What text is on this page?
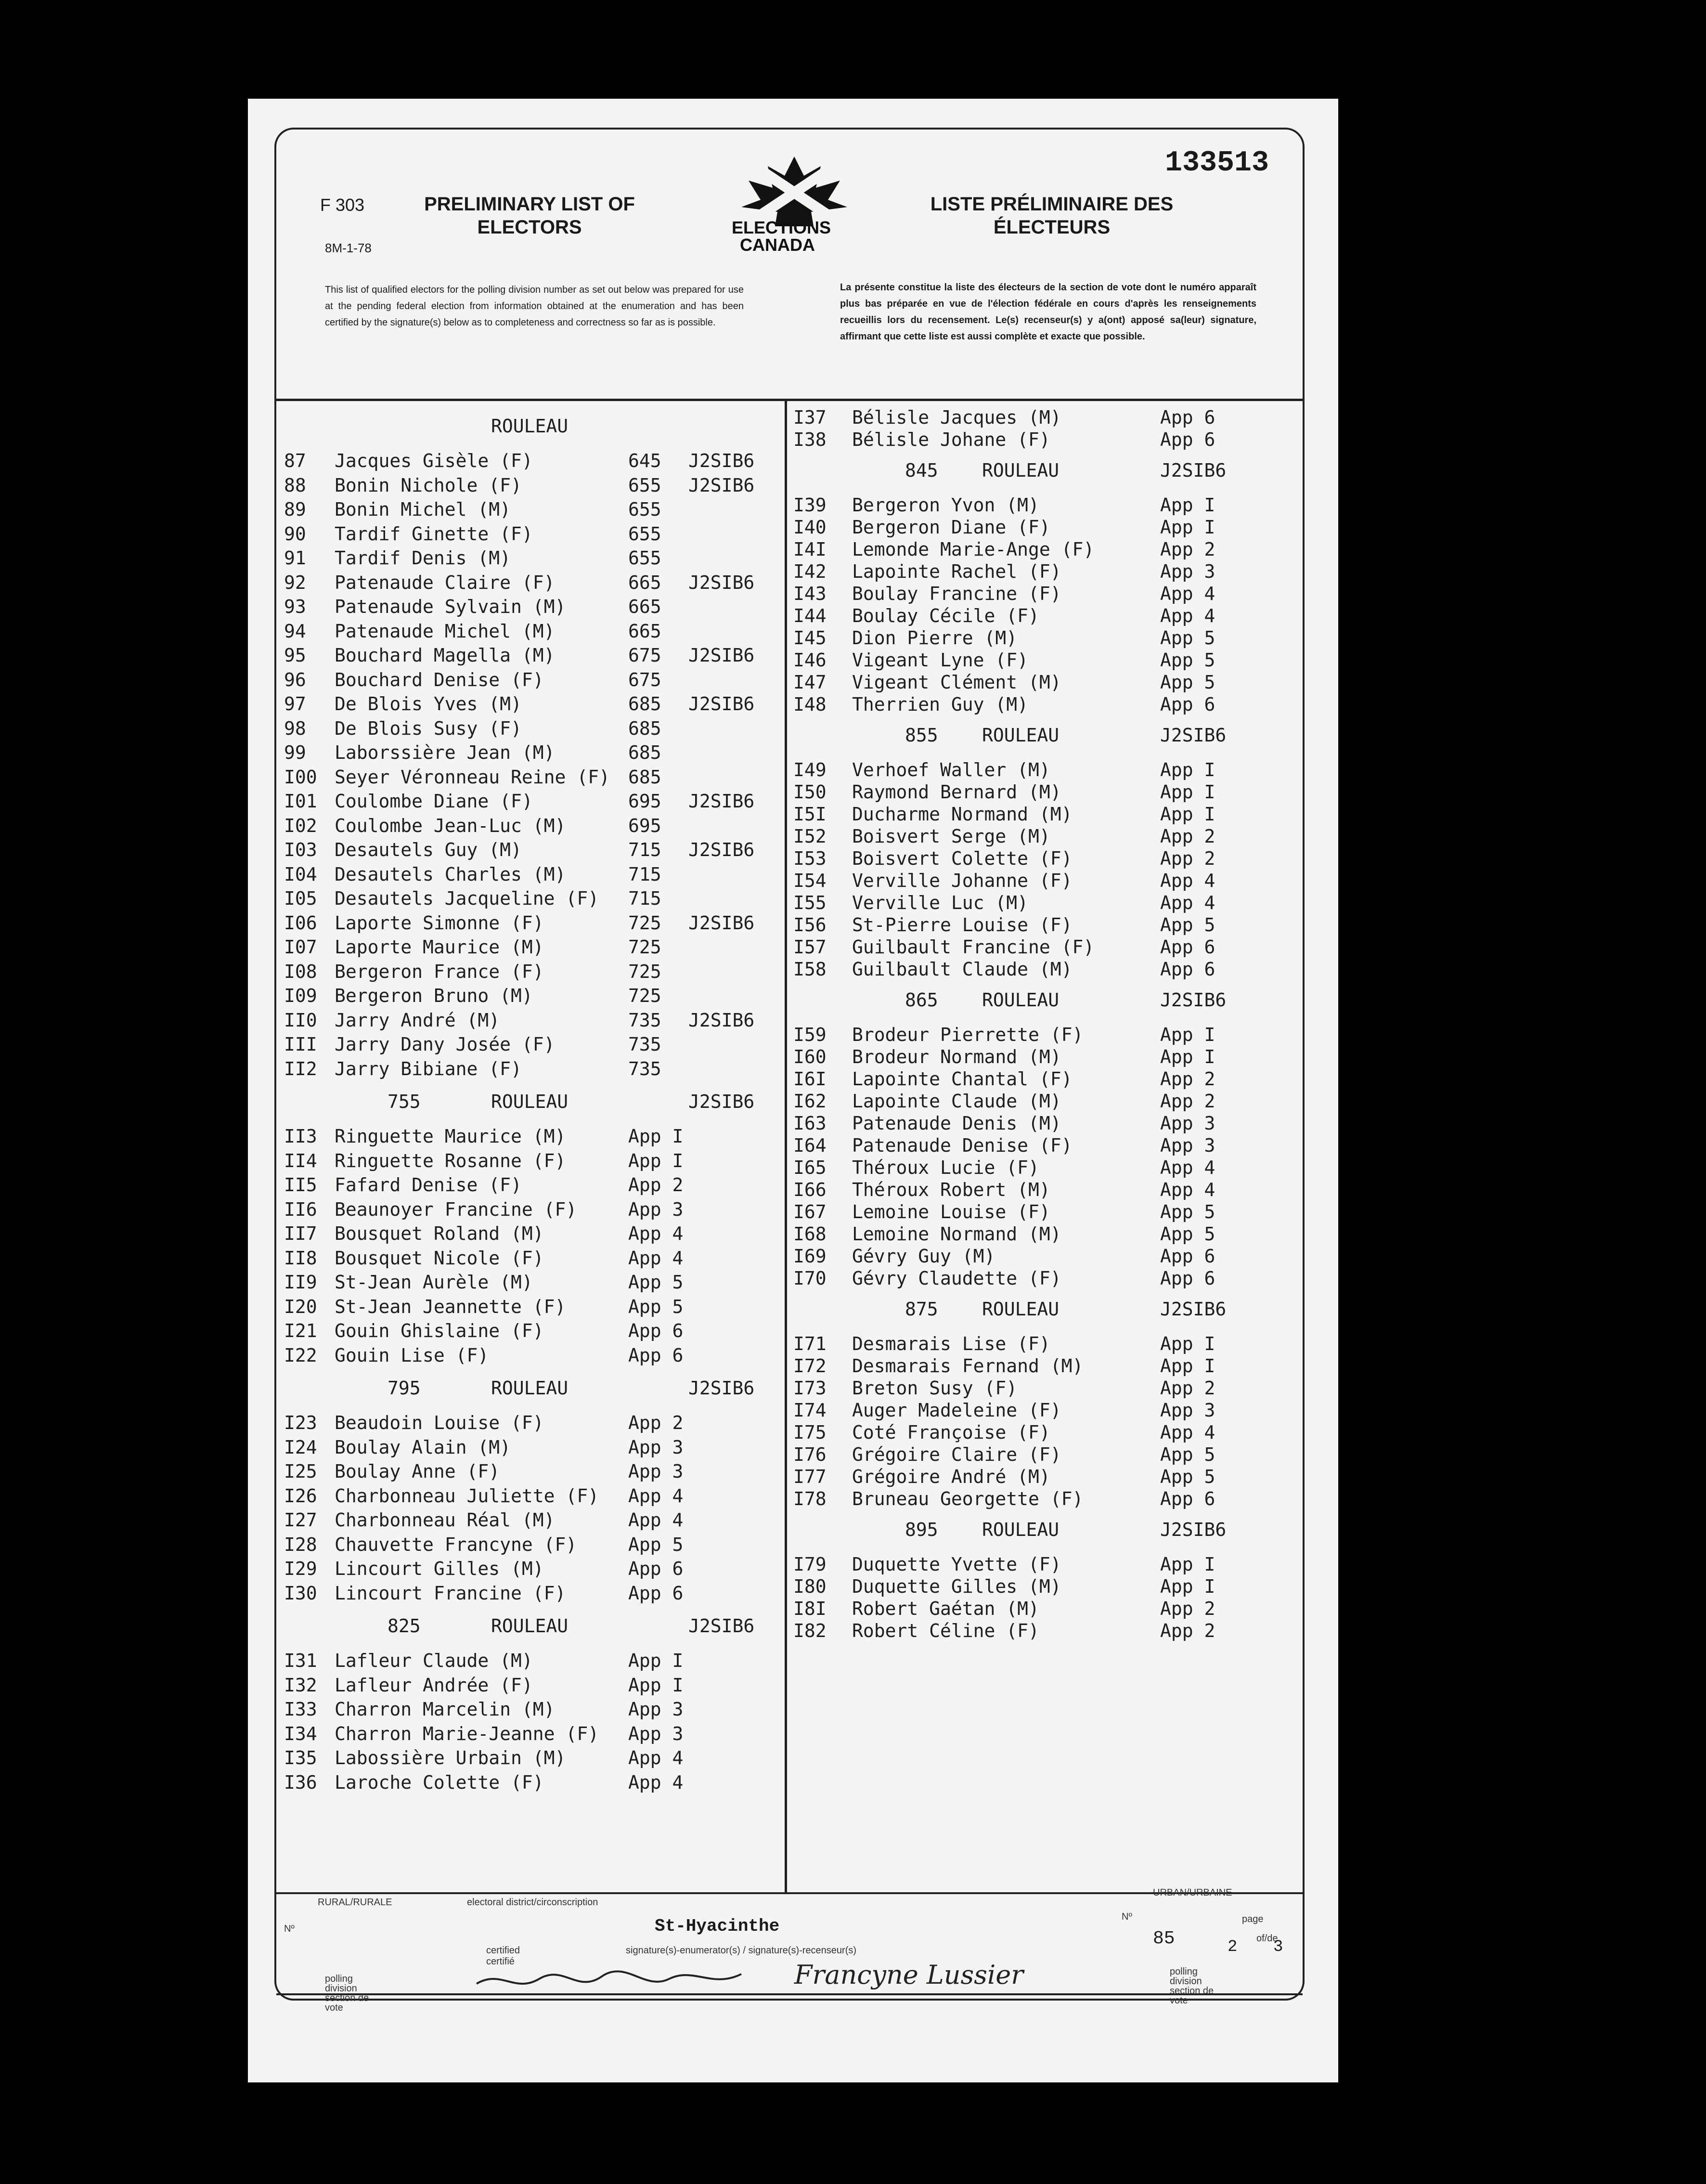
F 303
8M-1-78
PRELIMINARY LIST OF ELECTORS	ELECTIONS CANADA
LISTE PRÉLIMINAIRE DES ÉLECTEURS
133513
This list of qualified electors for the polling division number as set out below was prepared for use at the pending federal election from information obtained at the enumeration and has been certified by the signature(s) below as to completeness and correctness so far as is possible.
La présente constitue la liste des électeurs de la section de vote dont le numéro apparaît plus bas préparée en vue de l'élection fédérale en cours d'après les renseignements recueillis lors du recensement. Le(s) recenseur(s) y a(ont) apposé sa(leur) signature, affirmant que cette liste est aussi complète et exacte que possible.
ROULEAU
87 Jacques Gisèle (F)	645 J2SIB6
88 Bonin Nichole (F)	655 J2SIB6
89 Bonin Michel (M)	655
90 Tardif Ginette (F)	655
91 Tardif Denis (M)	655
92 Patenaude Claire (F)	665 J2SIB6
93 Patenaude Sylvain (M)	665
94 Patenaude Michel (M)	665
95 Bouchard Magella (M)	675 J2SIB6
96 Bouchard Denise (F)	675
97 De Blois Yves (M)	685 J2SIB6
98 De Blois Susy (F)	685
99 Laborssière Jean (M)	685
I00 Seyer Véronneau Reine (F) 685
I01 Coulombe Diane (F)	695 J2SIB6
I02 Coulombe Jean-Luc (M)	695
I03 Desautels Guy (M)	715 J2SIB6
I04 Desautels Charles (M)	715
I05 Desautels Jacqueline (F) 715
I06 Laporte Simonne (F)	725 J2SIB6
I07 Laporte Maurice (M)	725
I08 Bergeron France (F)	725
I09 Bergeron Bruno (M)	725
II0 Jarry André (M)	735 J2SIB6
III Jarry Dany Josée (F)	735
II2 Jarry Bibiane (F)	735
755	ROULEAU	J2SIB6
II3 Ringuette Maurice (M)	App I
II4 Ringuette Rosanne (F)	App I
II5 Fafard Denise (F)	App 2
II6 Beaunoyer Francine (F)	App 3
II7 Bousquet Roland (M)	App 4
II8 Bousquet Nicole (F)	App 4
II9 St-Jean Aurèle (M)	App 5
I20 St-Jean Jeannette (F)	App 5
I21 Gouin Ghislaine (F)	App 6
I22 Gouin Lise (F)	App 6
795	ROULEAU	J2SIB6
I23 Beaudoin Louise (F)	App 2
I24 Boulay Alain (M)	App 3
I25 Boulay Anne (F)	App 3
I26 Charbonneau Juliette (F) App 4
I27 Charbonneau Réal (M)	App 4
I28 Chauvette Francyne (F)	App 5
I29 Lincourt Gilles (M)	App 6
I30 Lincourt Francine (F)	App 6
825	ROULEAU	J2SIB6
I31 Lafleur Claude (M)	App I
I32 Lafleur Andrée (F)	App I
I33 Charron Marcelin (M)	App 3
I34 Charron Marie-Jeanne (F) App 3
I35 Labossière Urbain (M)	App 4
I36 Laroche Colette (F)	App 4
I37 Bélisle Jacques (M)	App 6
I38 Bélisle Johane (F)	App 6
845 ROULEAU	J2SIB6
I39 Bergeron Yvon (M)	App I
I40 Bergeron Diane (F)	App I
I4I Lemonde Marie-Ange (F)	App 2
I42 Lapointe Rachel (F)	App 3
I43 Boulay Francine (F)	App 4
I44 Boulay Cécile (F)	App 4
I45 Dion Pierre (M)	App 5
I46 Vigeant Lyne (F)	App 5
I47 Vigeant Clément (M)	App 5
I48 Therrien Guy (M)	App 6
855 ROULEAU	J2SIB6
I49 Verhoef Waller (M)	App I
I50 Raymond Bernard (M)	App I
I5I Ducharme Normand (M)	App I
I52 Boisvert Serge (M)	App 2
I53 Boisvert Colette (F)	App 2
I54 Verville Johanne (F)	App 4
I55 Verville Luc (M)	App 4
I56 St-Pierre Louise (F)	App 5
I57 Guilbault Francine (F)	App 6
I58 Guilbault Claude (M)	App 6
865 ROULEAU	J2SIB6
I59 Brodeur Pierrette (F)	App I
I60 Brodeur Normand (M)	App I
I6I Lapointe Chantal (F)	App 2
I62 Lapointe Claude (M)	App 2
I63 Patenaude Denis (M)	App 3
I64 Patenaude Denise (F)	App 3
I65 Théroux Lucie (F)	App 4
I66 Théroux Robert (M)	App 4
I67 Lemoine Louise (F)	App 5
I68 Lemoine Normand (M)	App 5
I69 Gévry Guy (M)	App 6
I70 Gévry Claudette (F)	App 6
875 ROULEAU	J2SIB6
I71 Desmarais Lise (F)	App I
I72 Desmarais Fernand (M)	App I
I73 Breton Susy (F)	App 2
I74 Auger Madeleine (F)	App 3
I75 Coté Françoise (F)	App 4
I76 Grégoire Claire (F)	App 5
I77 Grégoire André (M)	App 5
I78 Bruneau Georgette (F)	App 6
895 ROULEAU	J2SIB6
I79 Duquette Yvette (F)	App I
I80 Duquette Gilles (M)	App I
I8I Robert Gaétan (M)	App 2
I82 Robert Céline (F)	App 2
RURAL/RURALE	electoral district/circonscription
URBAN/URBAINE
St-Hyacinthe
Nº
Nº	page
of/de
certified certifié
signature(s)-enumerator(s) / signature(s)-recenseur(s)
85	2 3
polling division section de vote
polling division section de vote
Francyne Lussier
